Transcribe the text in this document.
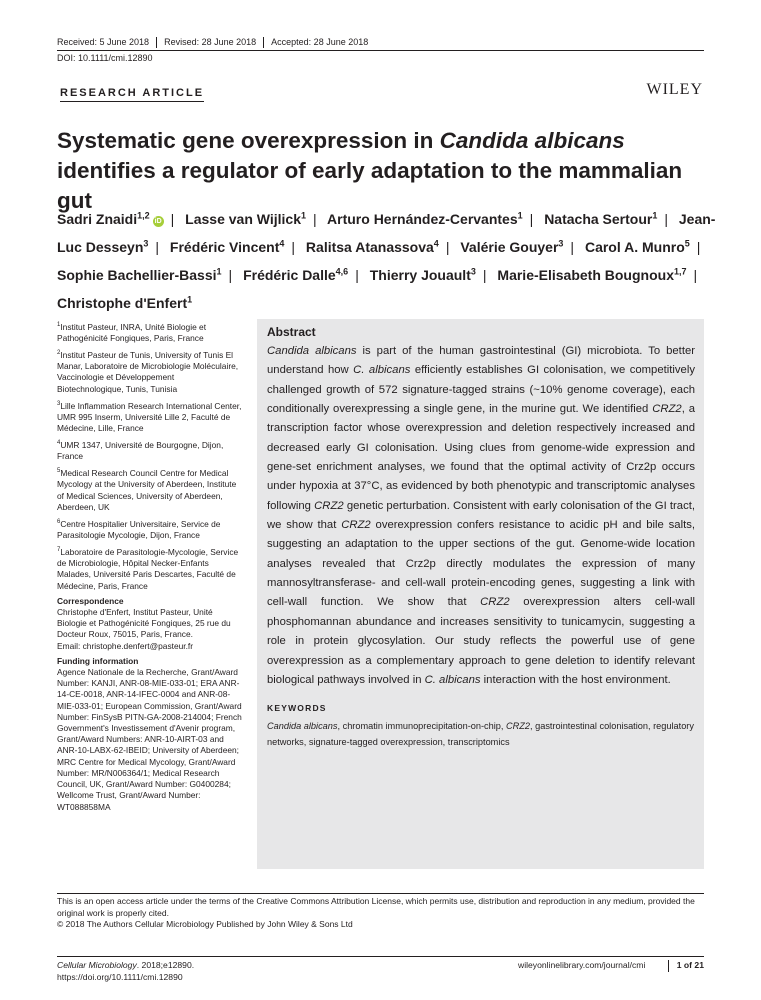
Received: 5 June 2018	Revised: 28 June 2018	Accepted: 28 June 2018
DOI: 10.1111/cmi.12890
RESEARCH ARTICLE	WILEY
Systematic gene overexpression in Candida albicans identifies a regulator of early adaptation to the mammalian gut
Sadri Znaidi$^{1,2}$iD | Lasse van Wijlick$^1$ | Arturo Hernández-Cervantes$^1$ | Natacha Sertour$^1$ | Jean-Luc Desseyn$^3$ | Frédéric Vincent$^4$ | Ralitsa Atanassova$^4$ | Valérie Gouyer$^3$ | Carol A. Munro$^5$ | Sophie Bachellier-Bassi$^1$ | Frédéric Dalle$^{4,6}$ | Thierry Jouault$^3$ | Marie-Elisabeth Bougnoux$^{1,7}$ | Christophe d'Enfert$^1$
$^1$Institut Pasteur, INRA, Unité Biologie et Pathogénicité Fongiques, Paris, France
$^2$Institut Pasteur de Tunis, University of Tunis El Manar, Laboratoire de Microbiologie Moléculaire, Vaccinologie et Développement Biotechnologique, Tunis, Tunisia
$^3$Lille Inflammation Research International Center, UMR 995 Inserm, Université Lille 2, Faculté de Médecine, Lille, France
$^4$UMR 1347, Université de Bourgogne, Dijon, France
$^5$Medical Research Council Centre for Medical Mycology at the University of Aberdeen, Institute of Medical Sciences, University of Aberdeen, Aberdeen, UK
$^6$Centre Hospitalier Universitaire, Service de Parasitologie Mycologie, Dijon, France
$^7$Laboratoire de Parasitologie-Mycologie, Service de Microbiologie, Hôpital Necker-Enfants Malades, Université Paris Descartes, Faculté de Médecine, Paris, France
Correspondence
Christophe d'Enfert, Institut Pasteur, Unité Biologie et Pathogénicité Fongiques, 25 rue du Docteur Roux, 75015, Paris, France.
Email: christophe.denfert@pasteur.fr
Funding information
Agence Nationale de la Recherche, Grant/Award Number: KANJI, ANR-08-MIE-033-01; ERA ANR-14-CE-0018, ANR-14-IFEC-0004 and ANR-08-MIE-033-01; European Commission, Grant/Award Number: FinSysB PITN-GA-2008-214004; French Government's Investissement d'Avenir program, Grant/Award Numbers: ANR-10-AIRT-03 and ANR-10-LABX-62-IBEID; University of Aberdeen; MRC Centre for Medical Mycology, Grant/Award Number: MR/N006364/1; Medical Research Council, UK, Grant/Award Number: G0400284; Wellcome Trust, Grant/Award Number: WT088858MA
Abstract
Candida albicans is part of the human gastrointestinal (GI) microbiota. To better understand how C. albicans efficiently establishes GI colonisation, we competitively challenged growth of 572 signature-tagged strains (~10% genome coverage), each conditionally overexpressing a single gene, in the murine gut. We identified CRZ2, a transcription factor whose overexpression and deletion respectively increased and decreased early GI colonisation. Using clues from genome-wide expression and gene-set enrichment analyses, we found that the optimal activity of Crz2p occurs under hypoxia at 37°C, as evidenced by both phenotypic and transcriptomic analyses following CRZ2 genetic perturbation. Consistent with early colonisation of the GI tract, we show that CRZ2 overexpression confers resistance to acidic pH and bile salts, suggesting an adaptation to the upper sections of the gut. Genome-wide location analyses revealed that Crz2p directly modulates the expression of many mannosyltransferase- and cell-wall protein-encoding genes, suggesting a link with cell-wall function. We show that CRZ2 overexpression alters cell-wall phosphomannan abundance and increases sensitivity to tunicamycin, suggesting a role in protein glycosylation. Our study reflects the powerful use of gene overexpression as a complementary approach to gene deletion to identify relevant biological pathways involved in C. albicans interaction with the host environment.
KEYWORDS
Candida albicans, chromatin immunoprecipitation-on-chip, CRZ2, gastrointestinal colonisation, regulatory networks, signature-tagged overexpression, transcriptomics
This is an open access article under the terms of the Creative Commons Attribution License, which permits use, distribution and reproduction in any medium, provided the original work is properly cited.
© 2018 The Authors Cellular Microbiology Published by John Wiley & Sons Ltd
Cellular Microbiology. 2018;e12890.
https://doi.org/10.1111/cmi.12890
wileyonlinelibrary.com/journal/cmi	1 of 21
